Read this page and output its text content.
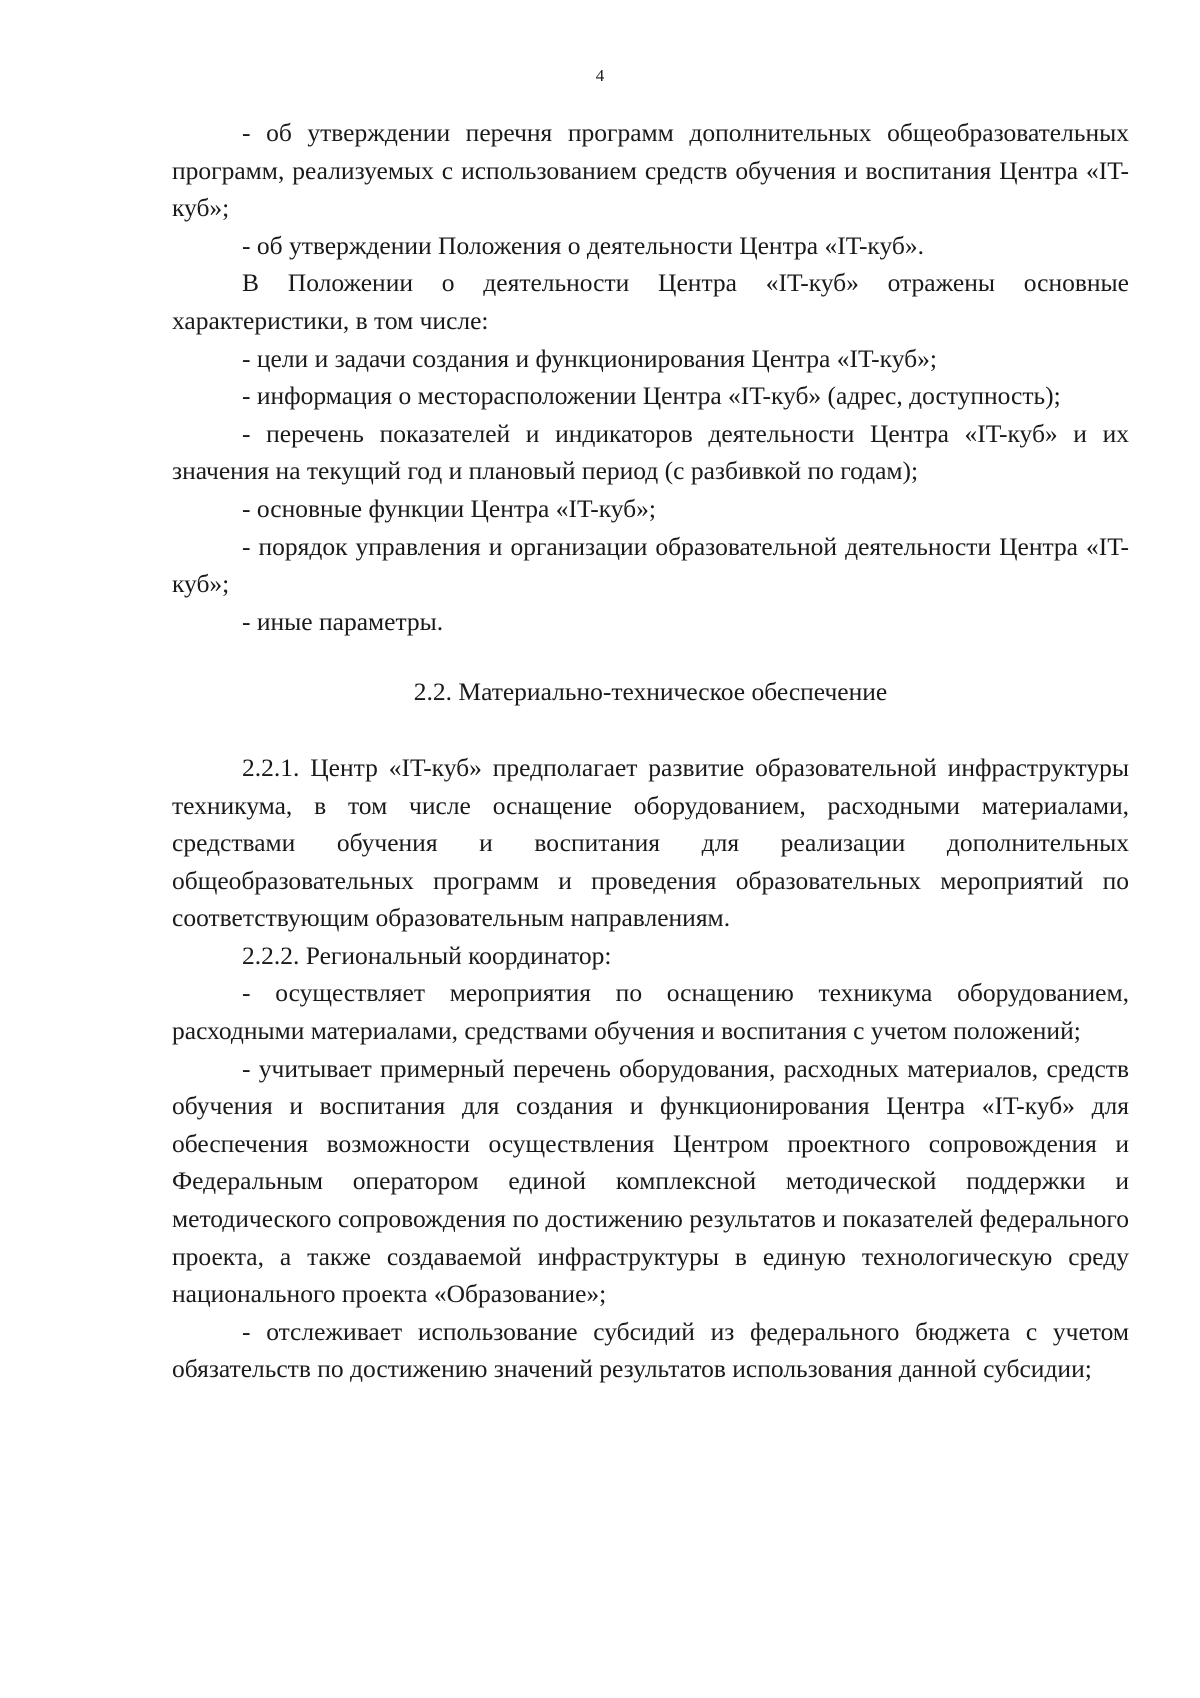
4

- об утверждении перечня программ дополнительных общеобразовательных программ, реализуемых с использованием средств обучения и воспитания Центра «IT-куб»;

- об утверждении Положения о деятельности Центра «IT-куб».

В Положении о деятельности Центра «IT-куб» отражены основные характеристики, в том числе:

- цели и задачи создания и функционирования Центра «IT-куб»;

- информация о месторасположении Центра «IT-куб» (адрес, доступность);

- перечень показателей и индикаторов деятельности Центра «IT-куб» и их значения на текущий год и плановый период (с разбивкой по годам);

- основные функции Центра «IT-куб»;

- порядок управления и организации образовательной деятельности Центра «IT-куб»;

- иные параметры.

2.2. Материально-техническое обеспечение

2.2.1. Центр «IT-куб» предполагает развитие образовательной инфраструктуры техникума, в том числе оснащение оборудованием, расходными материалами, средствами обучения и воспитания для реализации дополнительных общеобразовательных программ и проведения образовательных мероприятий по соответствующим образовательным направлениям.

2.2.2. Региональный координатор:

- осуществляет мероприятия по оснащению техникума оборудованием, расходными материалами, средствами обучения и воспитания с учетом положений;

- учитывает примерный перечень оборудования, расходных материалов, средств обучения и воспитания для создания и функционирования Центра «IT-куб» для обеспечения возможности осуществления Центром проектного сопровождения и Федеральным оператором единой комплексной методической поддержки и методического сопровождения по достижению результатов и показателей федерального проекта, а также создаваемой инфраструктуры в единую технологическую среду национального проекта «Образование»;

- отслеживает использование субсидий из федерального бюджета с учетом обязательств по достижению значений результатов использования данной субсидии;
